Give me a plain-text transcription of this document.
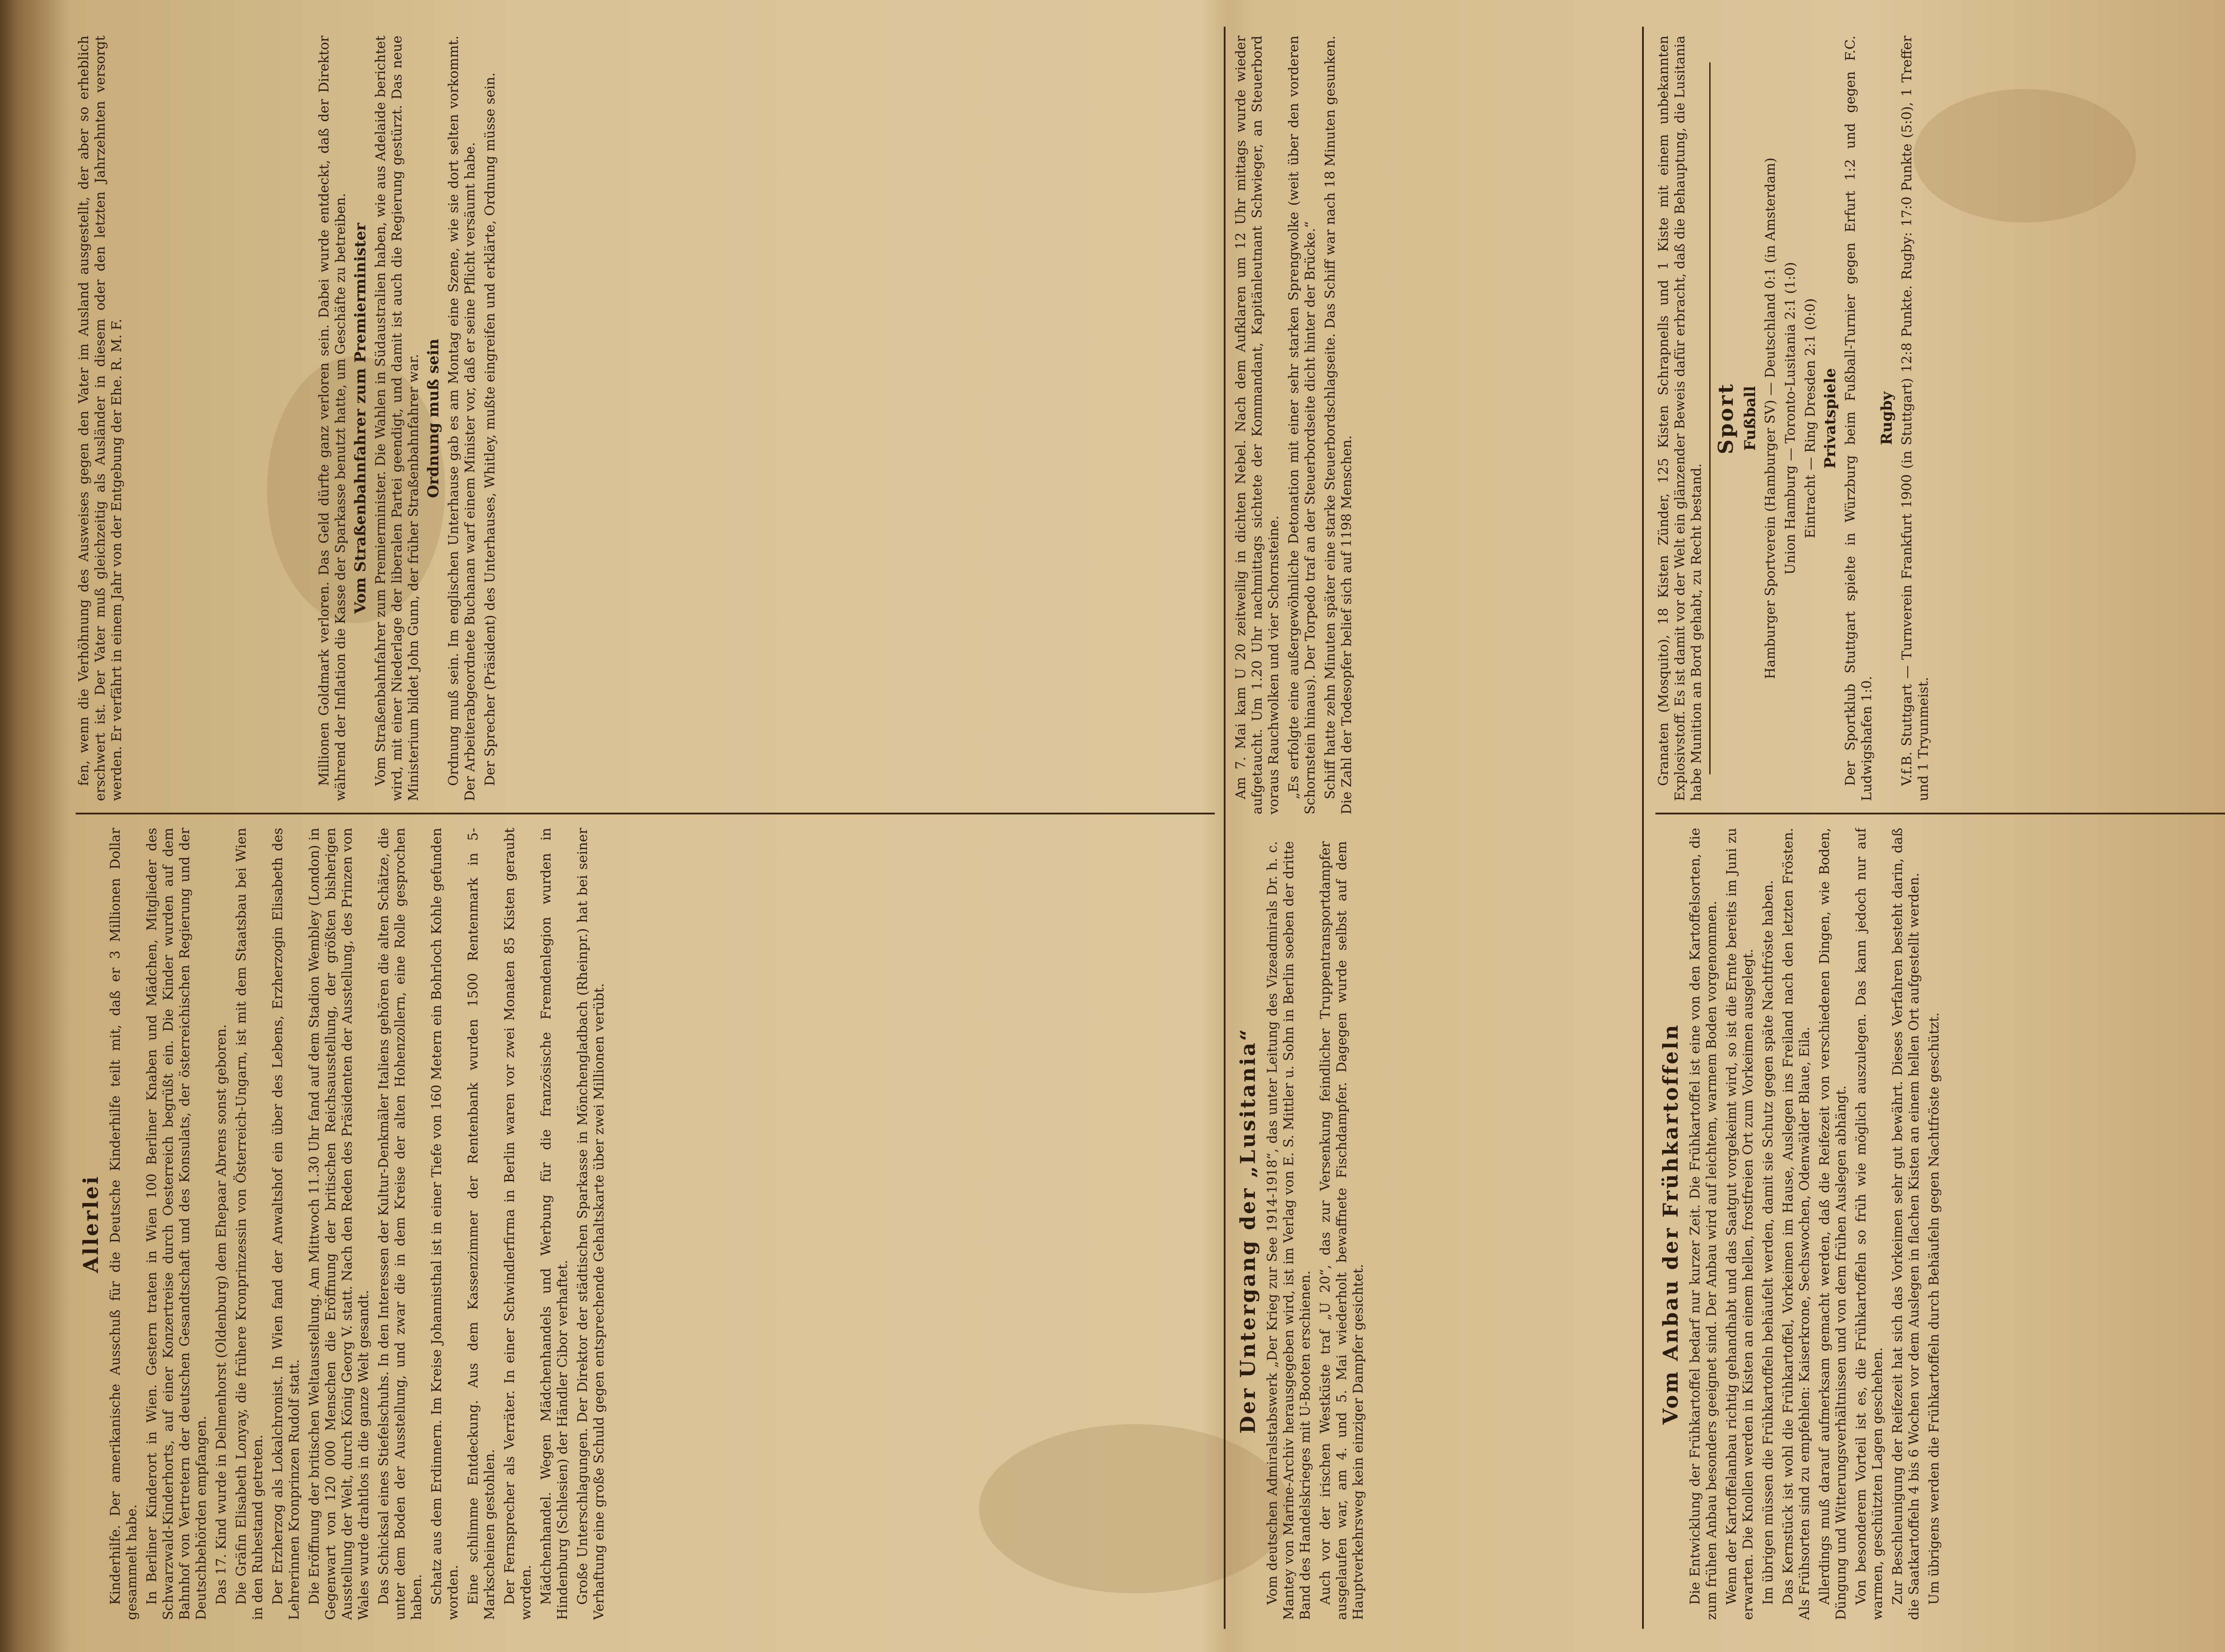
fen, wenn die Verhöhnung des Ausweises gegen den Vater im Ausland ausgestellt, der aber so erheblich erschwert ist. Der Vater muß gleichzeitig als Ausländer in diesem oder den letzten Jahrzehnten versorgt werden. Er verfährt in einem Jahr von der Entgebung der Ehe. R. M. F.

Allerlei Kinderhilfe. Der amerikanische Ausschuß für die Deutsche Kinderhilfe teilt mit, daß er 3 Millionen Dollar gesammelt habe. In Berliner Kinderort in Wien. Gestern traten in Wien 100 Berliner Knaben und Mädchen, Mitglieder des Schwarzwald-Kinderhorts, auf einer Konzertreise durch Oesterreich begrüßt ein. Die Kinder wurden auf dem Bahnhof von Vertretern der deutschen Gesandtschaft und des Konsulats, der österreichischen Regierung und der Deutschbehörden empfangen. Das 17. Kind wurde in Delmenhorst (Oldenburg) dem Ehepaar Abrens sonst geboren. Die Gräfin Elisabeth Lonyay, die frühere Kronprinzessin von Österreich-Ungarn, ist mit dem Staatsbau bei Wien in den Ruhestand getreten. Der Erzherzog als Lokalchronist. In Wien fand der Anwaltshof ein über des Lebens, Erzherzogin Elisabeth des Lehrerinnen Kronprinzen Rudolf statt. Die Eröffnung der britischen Weltausstellung. Am Mittwoch 11.30 Uhr fand auf dem Stadion Wembley (London) in Gegenwart von 120 000 Menschen die Eröffnung der britischen Reichsausstellung, der größten bisherigen Ausstellung der Welt, durch König Georg V. statt. Nach den Reden des Präsidenten der Ausstellung, des Prinzen von Wales wurde drahtlos in die ganze Welt gesandt. Das Schicksal eines Stiefelschuhs. In den Interessen der Kultur-Denkmäler Italiens gehören die alten Schätze, die unter dem Boden der Ausstellung, und zwar die in dem Kreise der alten Hohenzollern, eine Rolle gesprochen haben. Schatz aus dem Erdinnern. Im Kreise Johannisthal ist in einer Tiefe von 160 Metern ein Bohrloch Kohle gefunden worden. Eine schlimme Entdeckung. Aus dem Kassenzimmer der Rentenbank wurden 1500 Rentenmark in 5-Markscheinen gestohlen. Der Fernsprecher als Verräter. In einer Schwindlerfirma in Berlin waren vor zwei Monaten 85 Kisten geraubt worden. Mädchenhandel. Wegen Mädchenhandels und Werbung für die französische Fremdenlegion wurden in Hindenburg (Schlesien) der Händler Cibor verhaftet. Große Unterschlagungen. Der Direktor der städtischen Sparkasse in Mönchengladbach (Rheinpr.) hat bei seiner Verhaftung eine große Schuld gegen entsprechende Gehaltskarte über zwei Millionen verübt.

Millionen Goldmark verloren. Das Geld dürfte ganz verloren sein. Dabei wurde entdeckt, daß der Direktor während der Inflation die Kasse der Sparkasse benutzt hatte, um Geschäfte zu betreiben. Vom Straßenbahnfahrer zum Premierminister Vom Straßenbahnfahrer zum Premierminister. Die Wahlen in Südaustralien haben, wie aus Adelaide berichtet wird, mit einer Niederlage der liberalen Partei geendigt, und damit ist auch die Regierung gestürzt. Das neue Ministerium bildet John Gunn, der früher Straßenbahnfahrer war. Ordnung muß sein Ordnung muß sein. Im englischen Unterhause gab es am Montag eine Szene, wie sie dort selten vorkommt. Der Arbeiterabgeordnete Buchanan warf einem Minister vor, daß er seine Pflicht versäumt habe. Der Sprecher (Präsident) des Unterhauses, Whitley, mußte eingreifen und erklärte, Ordnung müsse sein.

Der Untergang der „Lusitania“ Vom deutschen Admiralstabswerk „Der Krieg zur See 1914-1918“, das unter Leitung des Vizeadmirals Dr. h. c. Mantey von Marine-Archiv herausgegeben wird, ist im Verlag von E. S. Mittler u. Sohn in Berlin soeben der dritte Band des Handelskrieges mit U-Booten erschienen. Auch vor der irischen Westküste traf „U 20“, das zur Versenkung feindlicher Truppentransportdampfer ausgelaufen war, am 4. und 5. Mai wiederholt bewaffnete Fischdampfer. Dagegen wurde selbst auf dem Hauptverkehrsweg kein einziger Dampfer gesichtet.

Am 7. Mai kam U 20 zeitweilig in dichten Nebel. Nach dem Aufklaren um 12 Uhr mittags wurde wieder aufgetaucht. Um 1.20 Uhr nachmittags sichtete der Kommandant, Kapitänleutnant Schwieger, an Steuerbord voraus Rauchwolken und vier Schornsteine. „Es erfolgte eine außergewöhnliche Detonation mit einer sehr starken Sprengwolke (weit über den vorderen Schornstein hinaus). Der Torpedo traf an der Steuerbordseite dicht hinter der Brücke.“ Schiff hatte zehn Minuten später eine starke Steuerbordschlagseite. Das Schiff war nach 18 Minuten gesunken. Die Zahl der Todesopfer belief sich auf 1198 Menschen.	Granaten (Mosquito), 18 Kisten Zünder, 125 Kisten Schrapnells und 1 Kiste mit einem unbekannten Explosivstoff. Es ist damit vor der Welt ein glänzender Beweis dafür erbracht, daß die Behauptung, die Lusitania habe Munition an Bord gehabt, zu Recht bestand.

Sport Fußball Hamburger Sportverein (Hamburger SV) — Deutschland 0:1 (in Amsterdam) Union Hamburg — Toronto-Lusitania 2:1 (1:0) Eintracht — Ring Dresden 2:1 (0:0) Privatspiele Der Sportklub Stuttgart spielte in Würzburg beim Fußball-Turnier gegen Erfurt 1:2 und gegen F.C. Ludwigshafen 1:0.

Rugby V.f.B. Stuttgart — Turnverein Frankfurt 1900 (in Stuttgart) 12:8 Punkte. Rugby: 17:0 Punkte (5:0), 1 Treffer und 1 Tryunmeist.

Vom Anbau der Frühkartoffeln Die Entwicklung der Frühkartoffel bedarf nur kurzer Zeit. Die Frühkartoffel ist eine von den Kartoffelsorten, die zum frühen Anbau besonders geeignet sind. Der Anbau wird auf leichtem, warmem Boden vorgenommen. Wenn der Kartoffelanbau richtig gehandhabt und das Saatgut vorgekeimt wird, so ist die Ernte bereits im Juni zu erwarten. Die Knollen werden in Kisten an einem hellen, frostfreien Ort zum Vorkeimen ausgelegt. Im übrigen müssen die Frühkartoffeln behäufelt werden, damit sie Schutz gegen späte Nachtfröste haben. Das Kernstück ist wohl die Frühkartoffel, Vorkeimen im Hause, Auslegen ins Freiland nach den letzten Frösten. Als Frühsorten sind zu empfehlen: Kaiserkrone, Sechswochen, Odenwälder Blaue, Eila. Allerdings muß darauf aufmerksam gemacht werden, daß die Reifezeit von verschiedenen Dingen, wie Boden, Düngung und Witterungsverhältnissen und von dem frühen Auslegen abhängt. Von besonderem Vorteil ist es, die Frühkartoffeln so früh wie möglich auszulegen. Das kann jedoch nur auf warmen, geschützten Lagen geschehen. Zur Beschleunigung der Reifezeit hat sich das Vorkeimen sehr gut bewährt. Dieses Verfahren besteht darin, daß die Saatkartoffeln 4 bis 6 Wochen vor dem Auslegen in flachen Kisten an einem hellen Ort aufgestellt werden. Um übrigens werden die Frühkartoffeln durch Behäufeln gegen Nachtfröste geschützt.
